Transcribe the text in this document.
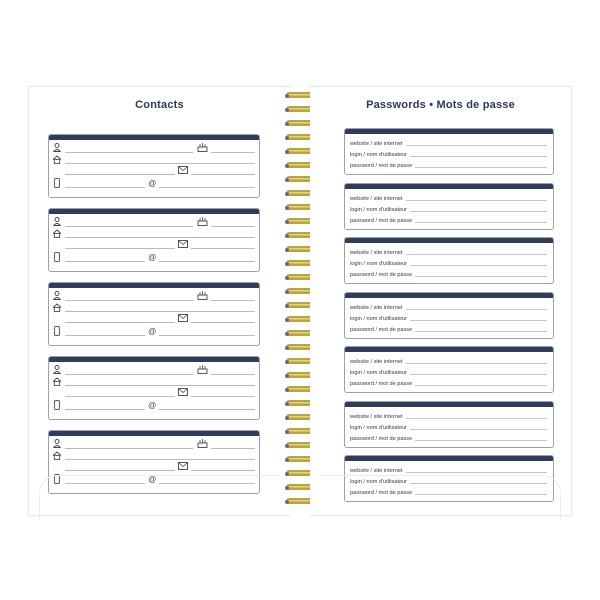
Contacts
@
@
@
@
@
Passwords • Mots de passe
website / site internet
login / nom d'utilisateur
password / mot de passe
website / site internet
login / nom d'utilisateur
password / mot de passe
website / site internet
login / nom d'utilisateur
password / mot de passe
website / site internet
login / nom d'utilisateur
password / mot de passe
website / site internet
login / nom d'utilisateur
password / mot de passe
website / site internet
login / nom d'utilisateur
password / mot de passe
website / site internet
login / nom d'utilisateur
password / mot de passe
